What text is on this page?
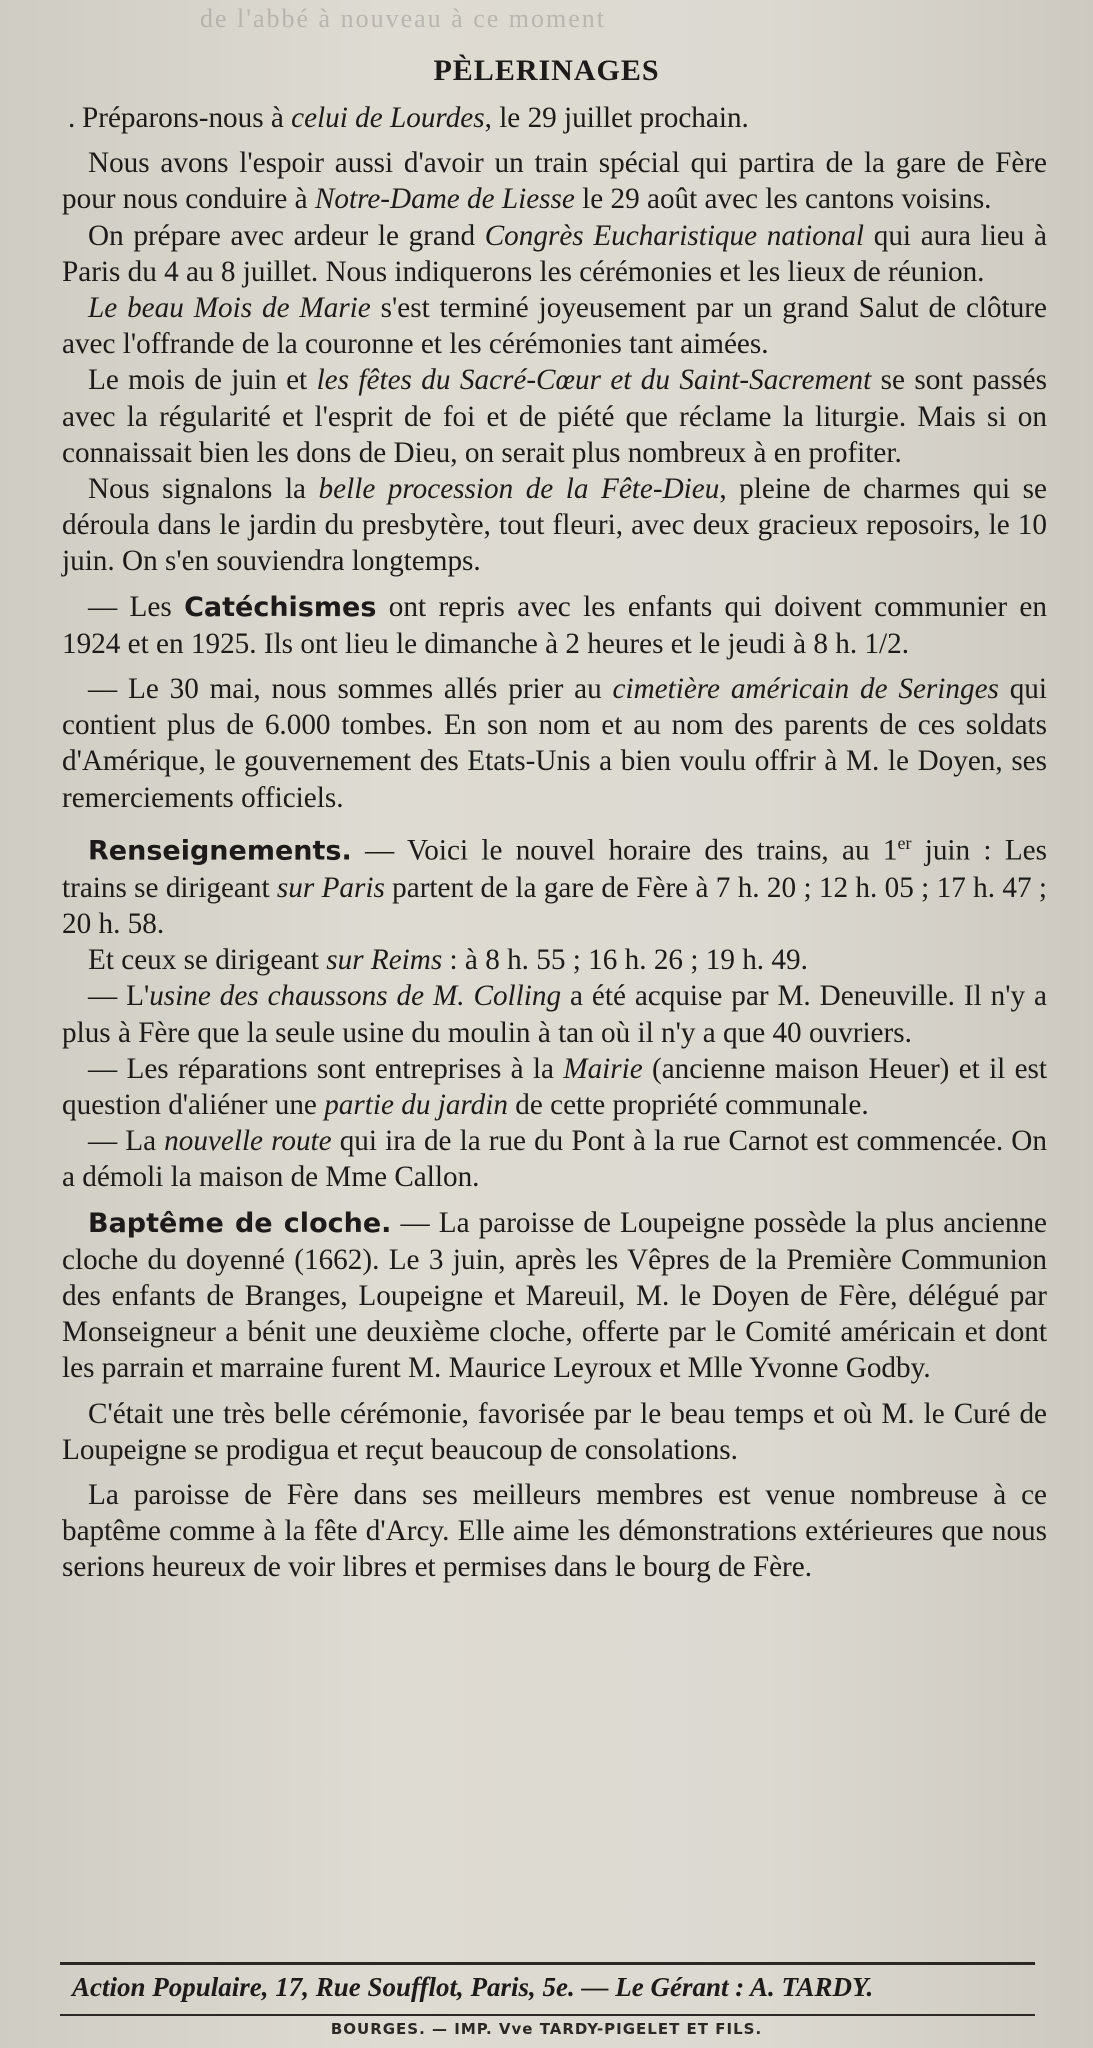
de l'abbé à nouveau à ce moment
PÈLERINAGES

. Préparons-nous à celui de Lourdes, le 29 juillet prochain.

Nous avons l'espoir aussi d'avoir un train spécial qui partira de la gare de Fère pour nous conduire à Notre-Dame de Liesse le 29 août avec les cantons voisins.

On prépare avec ardeur le grand Congrès Eucharistique national qui aura lieu à Paris du 4 au 8 juillet. Nous indiquerons les cérémonies et les lieux de réunion.

Le beau Mois de Marie s'est terminé joyeusement par un grand Salut de clôture avec l'offrande de la couronne et les cérémonies tant aimées.

Le mois de juin et les fêtes du Sacré-Cœur et du Saint-Sacrement se sont passés avec la régularité et l'esprit de foi et de piété que réclame la liturgie. Mais si on connaissait bien les dons de Dieu, on serait plus nombreux à en profiter.

Nous signalons la belle procession de la Fête-Dieu, pleine de charmes qui se déroula dans le jardin du presbytère, tout fleuri, avec deux gracieux reposoirs, le 10 juin. On s'en souviendra longtemps.

— Les Catéchismes ont repris avec les enfants qui doivent communier en 1924 et en 1925. Ils ont lieu le dimanche à 2 heures et le jeudi à 8 h. 1/2.

— Le 30 mai, nous sommes allés prier au cimetière américain de Seringes qui contient plus de 6.000 tombes. En son nom et au nom des parents de ces soldats d'Amérique, le gouvernement des Etats-Unis a bien voulu offrir à M. le Doyen, ses remerciements officiels.

Renseignements. — Voici le nouvel horaire des trains, au 1er juin : Les trains se dirigeant sur Paris partent de la gare de Fère à 7 h. 20 ; 12 h. 05 ; 17 h. 47 ; 20 h. 58.

Et ceux se dirigeant sur Reims : à 8 h. 55 ; 16 h. 26 ; 19 h. 49.

— L'usine des chaussons de M. Colling a été acquise par M. Deneuville. Il n'y a plus à Fère que la seule usine du moulin à tan où il n'y a que 40 ouvriers.

— Les réparations sont entreprises à la Mairie (ancienne maison Heuer) et il est question d'aliéner une partie du jardin de cette propriété communale.

— La nouvelle route qui ira de la rue du Pont à la rue Carnot est commencée. On a démoli la maison de Mme Callon.

Baptême de cloche. — La paroisse de Loupeigne possède la plus ancienne cloche du doyenné (1662). Le 3 juin, après les Vêpres de la Première Communion des enfants de Branges, Loupeigne et Mareuil, M. le Doyen de Fère, délégué par Monseigneur a bénit une deuxième cloche, offerte par le Comité américain et dont les parrain et marraine furent M. Maurice Leyroux et Mlle Yvonne Godby.

C'était une très belle cérémonie, favorisée par le beau temps et où M. le Curé de Loupeigne se prodigua et reçut beaucoup de consolations.

La paroisse de Fère dans ses meilleurs membres est venue nombreuse à ce baptême comme à la fête d'Arcy. Elle aime les démonstrations extérieures que nous serions heureux de voir libres et permises dans le bourg de Fère.

Action Populaire, 17, Rue Soufflot, Paris, 5e. — Le Gérant : A. TARDY.
BOURGES. — IMP. Vve TARDY-PIGELET ET FILS.
